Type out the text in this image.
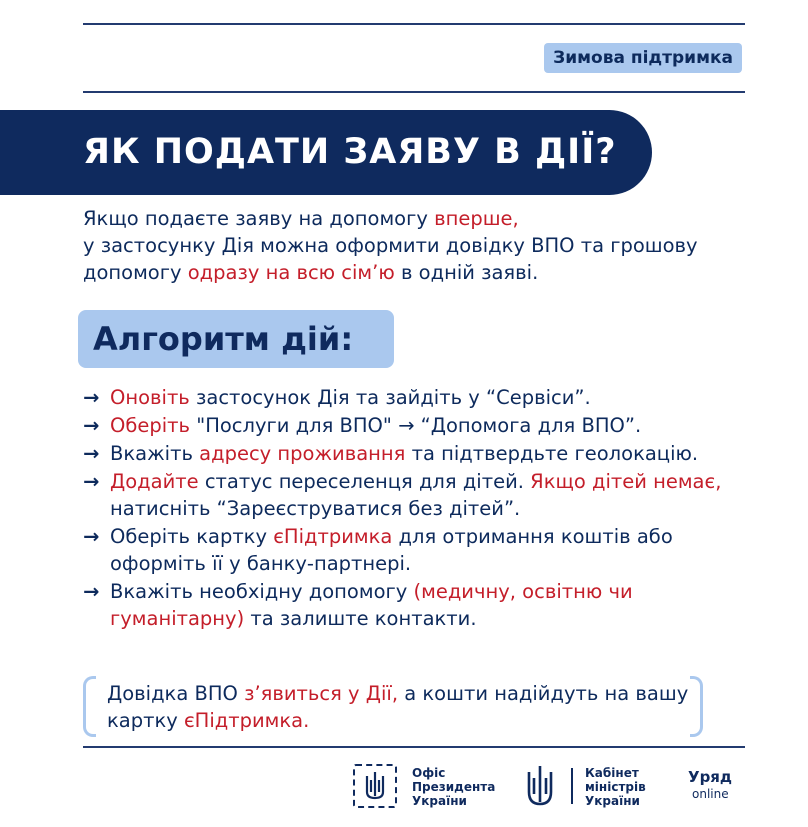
Зимова підтримка
ЯК ПОДАТИ ЗАЯВУ В ДІЇ?
Якщо подаєте заяву на допомогу вперше,
у застосунку Дія можна оформити довідку ВПО та грошову допомогу одразу на всю сім’ю в одній заяві.
Алгоритм дій:
→ Оновіть застосунок Дія та зайдіть у “Сервіси”.
→ Оберіть "Послуги для ВПО" → “Допомога для ВПО”.
→ Вкажіть адресу проживання та підтвердьте геолокацію.
→ Додайте статус переселенця для дітей. Якщо дітей немає, натисніть “Зареєструватися без дітей”.
→ Оберіть картку єПідтримка для отримання коштів або оформіть її у банку-партнері.
→ Вкажіть необхідну допомогу (медичну, освітню чи гуманітарну) та залиште контакти.
Довідка ВПО з’явиться у Дії, а кошти надійдуть на вашу картку єПідтримка.
Офіс
Президента
України
Кабінет
міністрів
України
Уряд
online
